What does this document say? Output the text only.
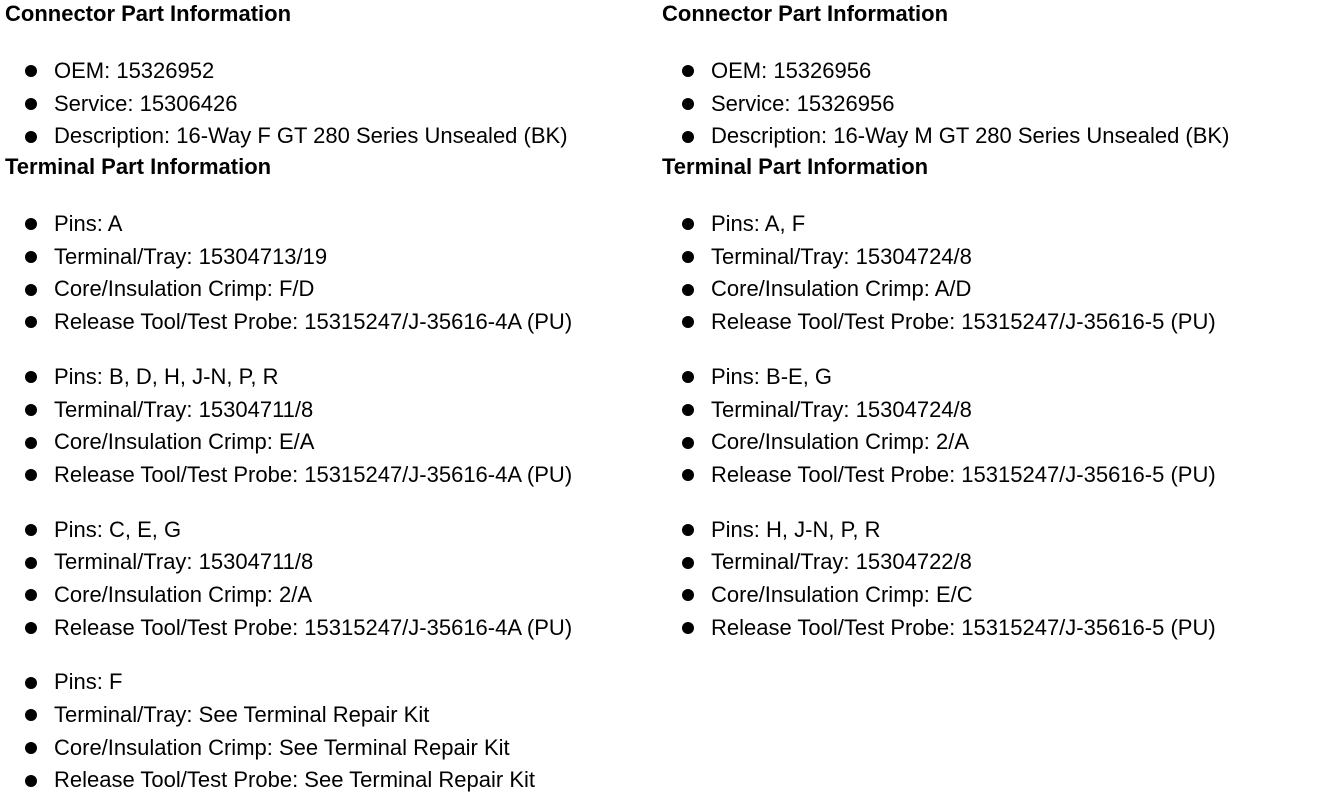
Connector Part Information
OEM: 15326952
Service: 15306426
Description: 16-Way F GT 280 Series Unsealed (BK)
Terminal Part Information
Pins: A
Terminal/Tray: 15304713/19
Core/Insulation Crimp: F/D
Release Tool/Test Probe: 15315247/J-35616-4A (PU)
Pins: B, D, H, J-N, P, R
Terminal/Tray: 15304711/8
Core/Insulation Crimp: E/A
Release Tool/Test Probe: 15315247/J-35616-4A (PU)
Pins: C, E, G
Terminal/Tray: 15304711/8
Core/Insulation Crimp: 2/A
Release Tool/Test Probe: 15315247/J-35616-4A (PU)
Pins: F
Terminal/Tray: See Terminal Repair Kit
Core/Insulation Crimp: See Terminal Repair Kit
Release Tool/Test Probe: See Terminal Repair Kit
Connector Part Information
OEM: 15326956
Service: 15326956
Description: 16-Way M GT 280 Series Unsealed (BK)
Terminal Part Information
Pins: A, F
Terminal/Tray: 15304724/8
Core/Insulation Crimp: A/D
Release Tool/Test Probe: 15315247/J-35616-5 (PU)
Pins: B-E, G
Terminal/Tray: 15304724/8
Core/Insulation Crimp: 2/A
Release Tool/Test Probe: 15315247/J-35616-5 (PU)
Pins: H, J-N, P, R
Terminal/Tray: 15304722/8
Core/Insulation Crimp: E/C
Release Tool/Test Probe: 15315247/J-35616-5 (PU)
